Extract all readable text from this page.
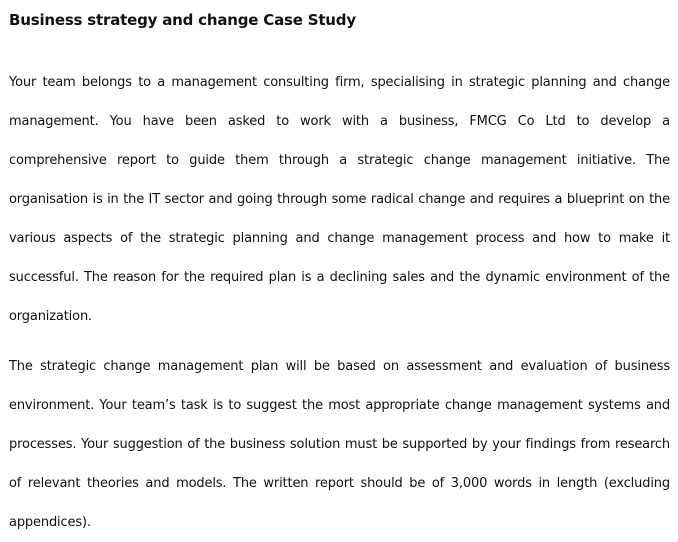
Business strategy and change Case Study

Your team belongs to a management consulting firm, specialising in strategic planning and change management. You have been asked to work with a business, FMCG Co Ltd to develop a comprehensive report to guide them through a strategic change management initiative. The organisation is in the IT sector and going through some radical change and requires a blueprint on the various aspects of the strategic planning and change management process and how to make it successful. The reason for the required plan is a declining sales and the dynamic environment of the organization.

The strategic change management plan will be based on assessment and evaluation of business environment. Your team’s task is to suggest the most appropriate change management systems and processes. Your suggestion of the business solution must be supported by your findings from research of relevant theories and models. The written report should be of 3,000 words in length (excluding appendices).
